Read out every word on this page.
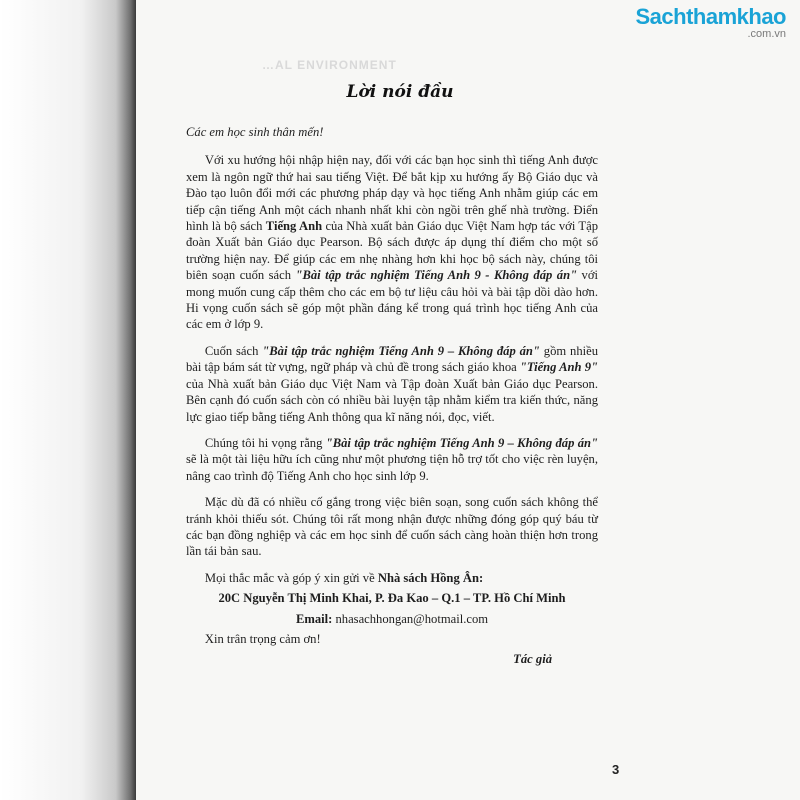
Sachthamkhao
.com.vn
…AL ENVIRONMENT
Lời nói đầu

Các em học sinh thân mến!

  Với xu hướng hội nhập hiện nay, đối với các bạn học sinh thì tiếng Anh được xem là ngôn ngữ thứ hai sau tiếng Việt. Để bắt kịp xu hướng ấy Bộ Giáo dục và Đào tạo luôn đổi mới các phương pháp dạy và học tiếng Anh nhằm giúp các em tiếp cận tiếng Anh một cách nhanh nhất khi còn ngồi trên ghế nhà trường. Điển hình là bộ sách Tiếng Anh của Nhà xuất bản Giáo dục Việt Nam hợp tác với Tập đoàn Xuất bản Giáo dục Pearson. Bộ sách được áp dụng thí điểm cho một số trường hiện nay. Để giúp các em nhẹ nhàng hơn khi học bộ sách này, chúng tôi biên soạn cuốn sách "Bài tập trắc nghiệm Tiếng Anh 9 - Không đáp án" với mong muốn cung cấp thêm cho các em bộ tư liệu câu hỏi và bài tập dồi dào hơn. Hi vọng cuốn sách sẽ góp một phần đáng kể trong quá trình học tiếng Anh của các em ở lớp 9.

  Cuốn sách "Bài tập trắc nghiệm Tiếng Anh 9 – Không đáp án" gồm nhiều bài tập bám sát từ vựng, ngữ pháp và chủ đề trong sách giáo khoa "Tiếng Anh 9" của Nhà xuất bản Giáo dục Việt Nam và Tập đoàn Xuất bản Giáo dục Pearson. Bên cạnh đó cuốn sách còn có nhiều bài luyện tập nhằm kiểm tra kiến thức, năng lực giao tiếp bằng tiếng Anh thông qua kĩ năng nói, đọc, viết.

  Chúng tôi hi vọng rằng "Bài tập trắc nghiệm Tiếng Anh 9 – Không đáp án" sẽ là một tài liệu hữu ích cũng như một phương tiện hỗ trợ tốt cho việc rèn luyện, nâng cao trình độ Tiếng Anh cho học sinh lớp 9.

  Mặc dù đã có nhiều cố gắng trong việc biên soạn, song cuốn sách không thể tránh khỏi thiếu sót. Chúng tôi rất mong nhận được những đóng góp quý báu từ các bạn đồng nghiệp và các em học sinh để cuốn sách càng hoàn thiện hơn trong lần tái bản sau.

  Mọi thắc mắc và góp ý xin gửi về Nhà sách Hồng Ân:

20C Nguyễn Thị Minh Khai, P. Đa Kao – Q.1 – TP. Hồ Chí Minh

Email: nhasachhongan@hotmail.com

  Xin trân trọng cảm ơn!

Tác giả

3
